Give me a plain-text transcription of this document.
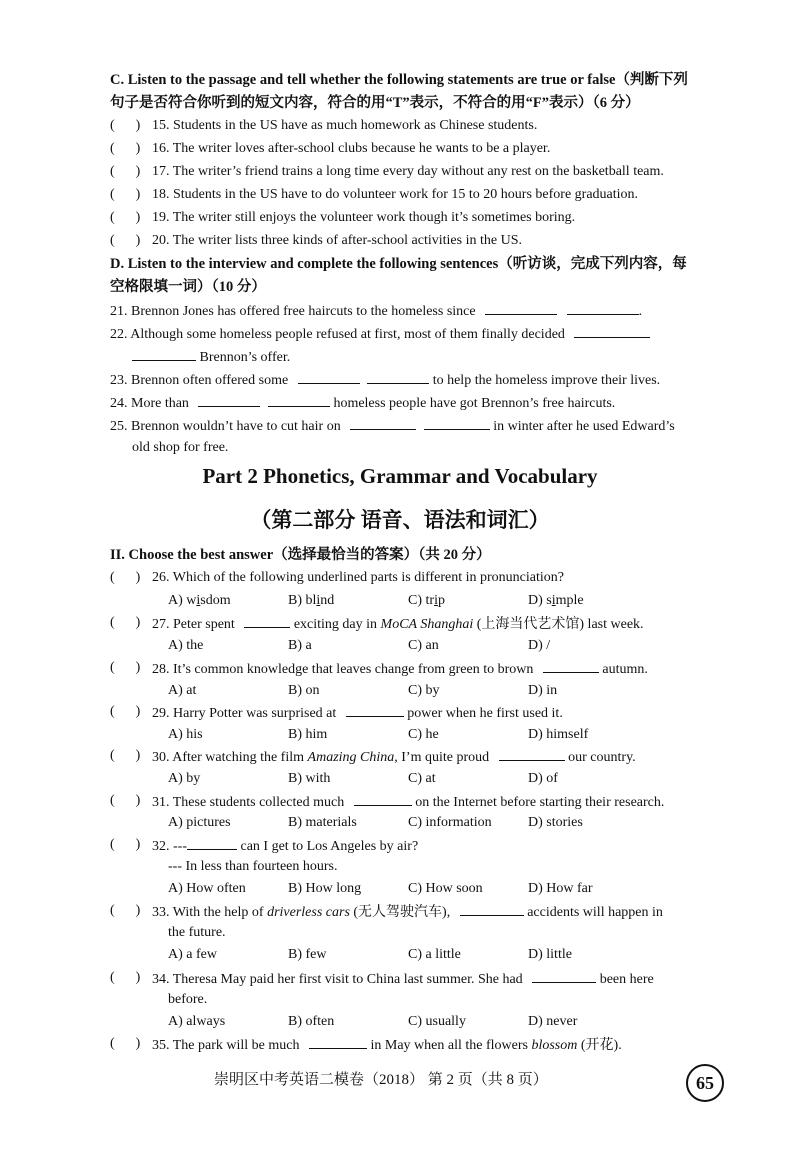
C. Listen to the passage and tell whether the following statements are true or false（判断下列
句子是否符合你听到的短文内容，符合的用“T”表示，不符合的用“F”表示）（6 分）
(      ) 15. Students in the US have as much homework as Chinese students.
(      ) 16. The writer loves after-school clubs because he wants to be a player.
(      ) 17. The writer’s friend trains a long time every day without any rest on the basketball team.
(      ) 18. Students in the US have to do volunteer work for 15 to 20 hours before graduation.
(      ) 19. The writer still enjoys the volunteer work though it’s sometimes boring.
(      ) 20. The writer lists three kinds of after-school activities in the US.
D. Listen to the interview and complete the following sentences（听访谈，完成下列内容，每
空格限填一词）（10 分）
21. Brennon Jones has offered free haircuts to the homeless since	.
22. Although some homeless people refused at first, most of them finally decided
Brennon’s offer.
23. Brennon often offered some	to help the homeless improve their lives.
24. More than	homeless people have got Brennon’s free haircuts.
25. Brennon wouldn’t have to cut hair on	in winter after he used Edward’s
old shop for free.
Part 2 Phonetics, Grammar and Vocabulary
（第二部分 语音、语法和词汇）
II. Choose the best answer（选择最恰当的答案）（共 20 分）
(      ) 26. Which of the following underlined parts is different in pronunciation?
A) wisdom	B) blind	C) trip	D) simple
(      ) 27. Peter spent	exciting day in MoCA Shanghai (上海当代艺术馆) last week.
A) the	B) a	C) an	D) /
(      ) 28. It’s common knowledge that leaves change from green to brown	autumn.
A) at	B) on	C) by	D) in
(      ) 29. Harry Potter was surprised at	power when he first used it.
A) his	B) him	C) he	D) himself
(      ) 30. After watching the film Amazing China, I’m quite proud	our country.
A) by	B) with	C) at	D) of
(      ) 31. These students collected much	on the Internet before starting their research.
A) pictures	B) materials	C) information	D) stories
(      ) 32. ---	can I get to Los Angeles by air?
--- In less than fourteen hours.
A) How often	B) How long	C) How soon	D) How far
(      ) 33. With the help of driverless cars (无人驾驶汽车),	accidents will happen in
the future.
A) a few	B) few	C) a little	D) little
(      ) 34. Theresa May paid her first visit to China last summer. She had	been here
before.
A) always	B) often	C) usually	D) never
(      ) 35. The park will be much	in May when all the flowers blossom (开花).
崇明区中考英语二模卷（2018） 第 2 页（共 8 页）	65
